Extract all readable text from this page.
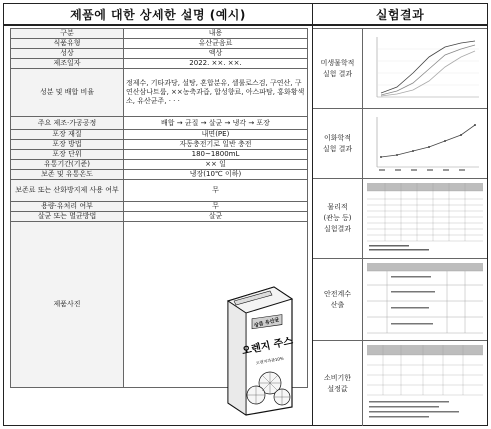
제품에 대한 상세한 설명 (예시)
구분	내용
식품유형	유산균음료
성상	액상
제조일자	2022. ××. ××.
성분 및 배합 비율	정제수, 기타과당, 설탕, 혼합분유, 셀룰로스검, 구연산, 구연산삼나트륨, ××농축과즙, 합성향료, 아스파탐, 홍화황색소, 유산균주, · · ·
주요 제조·가공공정	배합 → 균질 → 살균 → 냉각 → 포장
포장 재질	내면(PE)
포장 방법	자동충전기로 일반 충전
포장 단위	180~1800mL
유통기간(기준)	×× 일
보존 및 유통온도	냉장(10℃ 이하)
보존료 또는 산화방지제 사용 여부	무
용량·유처리 여부	무
살균 또는 멸균방법	살균
제품사진	
상큼 유산균
오렌지 주스
오렌지과즙10%
실험결과
미생물학적
실험 결과
이화학적
실험 결과
물리적
(관능 등)
실험결과
안전계수
산출
소비기한
설정값
